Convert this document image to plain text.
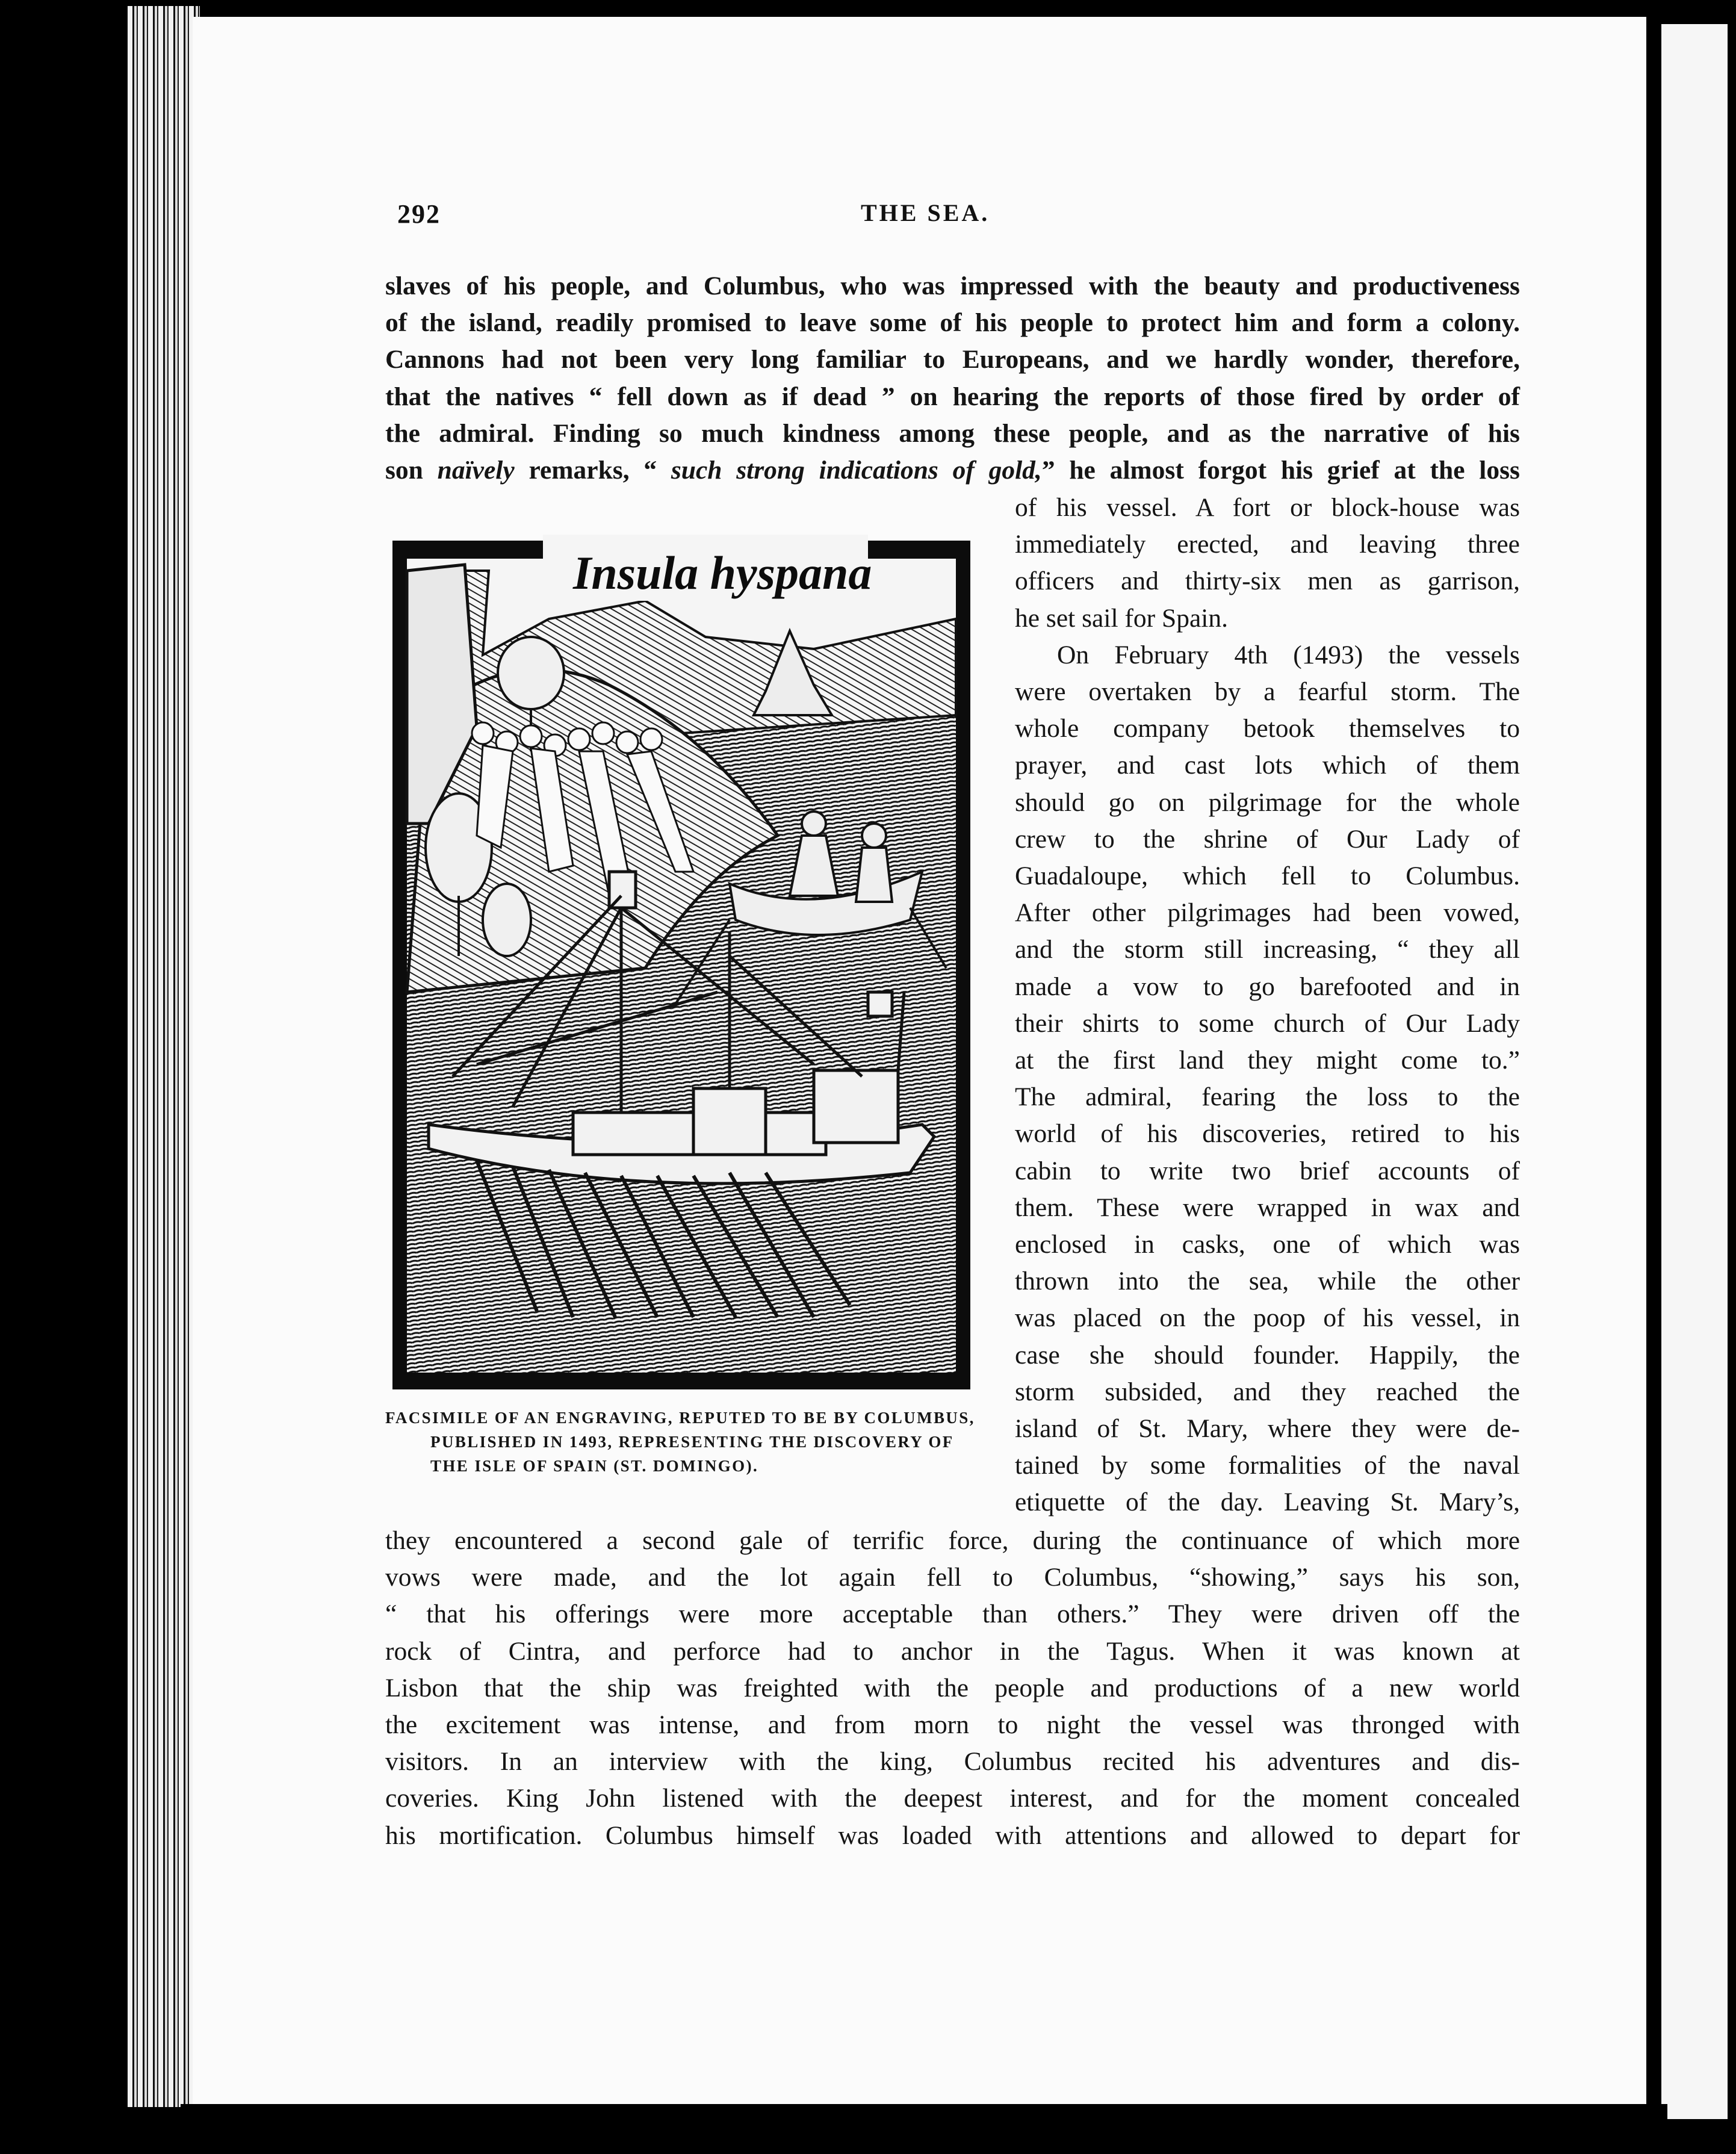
292	THE SEA.
slaves of his people, and Columbus, who was impressed with the beauty and productiveness
of the island, readily promised to leave some of his people to protect him and form a colony.
Cannons had not been very long familiar to Europeans, and we hardly wonder, therefore,
that the natives “ fell down as if dead ” on hearing the reports of those fired by order of
the admiral. Finding so much kindness among these people, and as the narrative of his
son naïvely remarks, “ such strong indications of gold,” he almost forgot his grief at the loss
Insula hyspana
of his vessel. A fort or block-house was
immediately erected, and leaving three
officers and thirty-six men as garrison,
he set sail for Spain.
On February 4th (1493) the vessels
were overtaken by a fearful storm. The
whole company betook themselves to
prayer, and cast lots which of them
should go on pilgrimage for the whole
crew to the shrine of Our Lady of
Guadaloupe, which fell to Columbus.
After other pilgrimages had been vowed,
and the storm still increasing, “ they all
made a vow to go barefooted and in
their shirts to some church of Our Lady
at the first land they might come to.”
The admiral, fearing the loss to the
world of his discoveries, retired to his
cabin to write two brief accounts of
them. These were wrapped in wax and
enclosed in casks, one of which was
thrown into the sea, while the other
was placed on the poop of his vessel, in
case she should founder. Happily, the
storm subsided, and they reached the
island of St. Mary, where they were de-
tained by some formalities of the naval
etiquette of the day. Leaving St. Mary’s,
FACSIMILE OF AN ENGRAVING, REPUTED TO BE BY COLUMBUS,
PUBLISHED IN 1493, REPRESENTING THE DISCOVERY OF
THE ISLE OF SPAIN (ST. DOMINGO).
they encountered a second gale of terrific force, during the continuance of which more
vows were made, and the lot again fell to Columbus, “showing,” says his son,
“ that his offerings were more acceptable than others.” They were driven off the
rock of Cintra, and perforce had to anchor in the Tagus. When it was known at
Lisbon that the ship was freighted with the people and productions of a new world
the excitement was intense, and from morn to night the vessel was thronged with
visitors. In an interview with the king, Columbus recited his adventures and dis-
coveries. King John listened with the deepest interest, and for the moment concealed
his mortification. Columbus himself was loaded with attentions and allowed to depart for
